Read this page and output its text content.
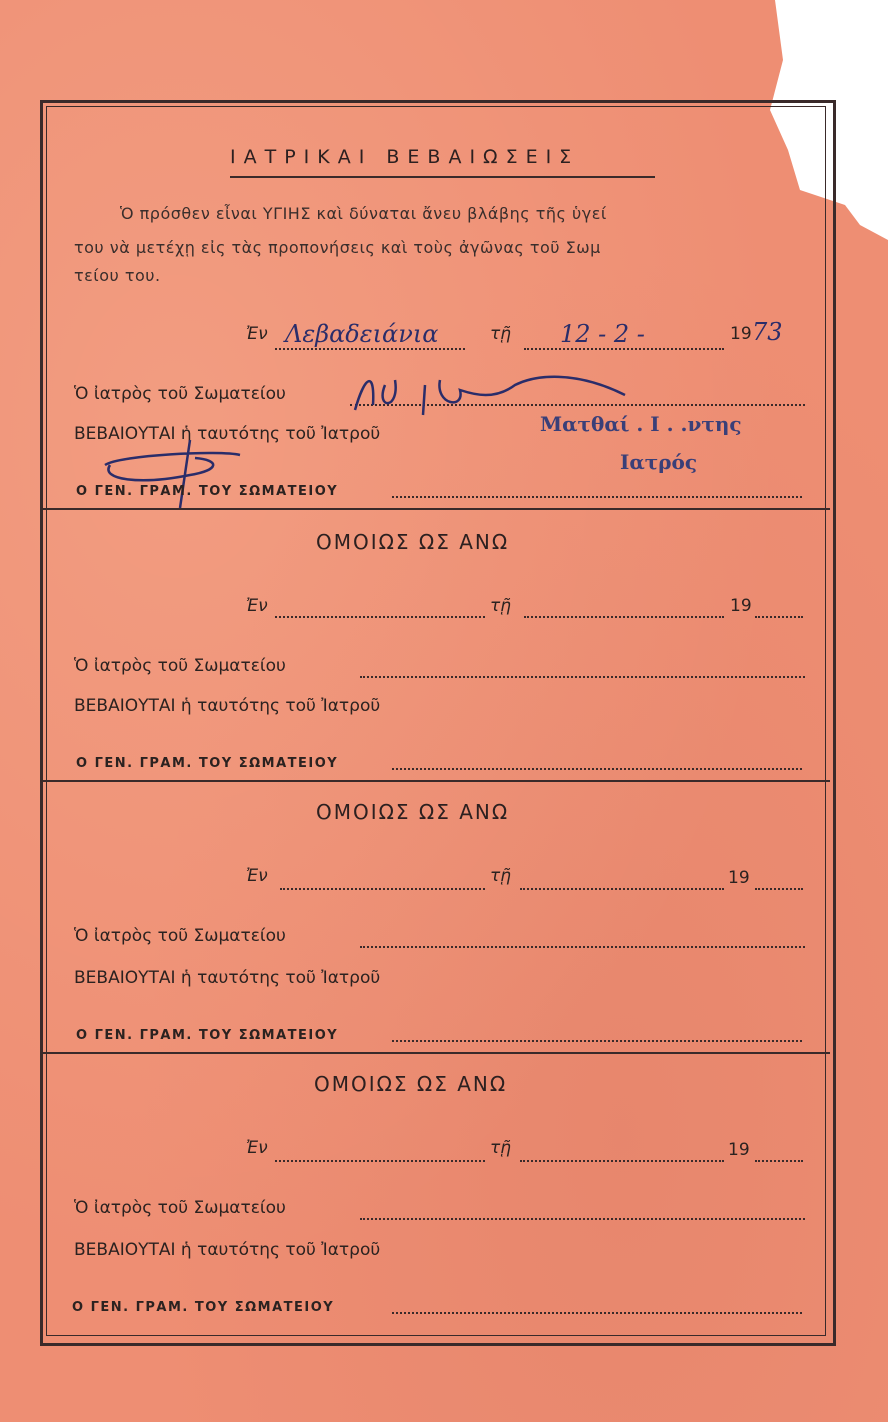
ΙΑΤΡΙΚΑΙ ΒΕΒΑΙΩΣΕΙΣ
Ὁ πρόσθεν εἶναι ΥΓΙΗΣ καὶ δύναται ἄνευ βλάβης τῆς ὑγεί
του νὰ μετέχῃ εἰς τὰς προπονήσεις καὶ τοὺς ἀγῶνας τοῦ Σωμ
τείου του.
Ἐν Λεβαδειάνια	τῇ 12 - 2 -	19 73
Ὁ ἰατρὸς τοῦ Σωματείου
ΒΕΒΑΙΟΥΤΑΙ ἡ ταυτότης τοῦ Ἰατροῦ	Ματθαί . Ι . .ντης
Ιατρός
Ο ΓΕΝ. ΓΡΑΜ. ΤΟΥ ΣΩΜΑΤΕΙΟΥ
ΟΜΟΙΩΣ ΩΣ ΑΝΩ
Ἐν	τῇ	19
Ὁ ἰατρὸς τοῦ Σωματείου
ΒΕΒΑΙΟΥΤΑΙ ἡ ταυτότης τοῦ Ἰατροῦ
Ο ΓΕΝ. ΓΡΑΜ. ΤΟΥ ΣΩΜΑΤΕΙΟΥ
ΟΜΟΙΩΣ ΩΣ ΑΝΩ
Ἐν	τῇ	19
Ὁ ἰατρὸς τοῦ Σωματείου
ΒΕΒΑΙΟΥΤΑΙ ἡ ταυτότης τοῦ Ἰατροῦ
Ο ΓΕΝ. ΓΡΑΜ. ΤΟΥ ΣΩΜΑΤΕΙΟΥ
ΟΜΟΙΩΣ ΩΣ ΑΝΩ
Ἐν	τῇ	19
Ὁ ἰατρὸς τοῦ Σωματείου
ΒΕΒΑΙΟΥΤΑΙ ἡ ταυτότης τοῦ Ἰατροῦ
Ο ΓΕΝ. ΓΡΑΜ. ΤΟΥ ΣΩΜΑΤΕΙΟΥ
